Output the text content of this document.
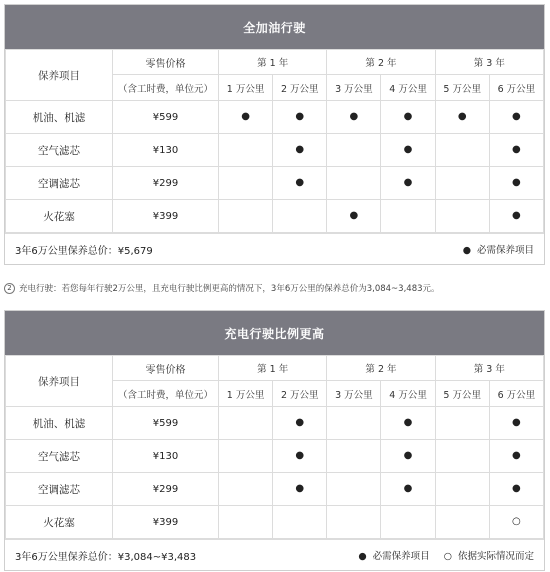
全加油行驶
保养项目	零售价格	第 1 年		第 2 年		第 3 年	
	（含工时费，单位元）	1 万公里	2 万公里	3 万公里	4 万公里	5 万公里	6 万公里
机油、机滤	¥599	●	●	●	●	●	●
空气滤芯	¥130		●		●		●
空调滤芯	¥299		●		●		●
火花塞	¥399			●			●
3年6万公里保养总价：¥5,679	● 必需保养项目
2 充电行驶：若您每年行驶2万公里，且充电行驶比例更高的情况下，3年6万公里的保养总价为3,084~3,483元。
充电行驶比例更高
保养项目	零售价格	第 1 年		第 2 年		第 3 年	
	（含工时费，单位元）	1 万公里	2 万公里	3 万公里	4 万公里	5 万公里	6 万公里
机油、机滤	¥599		●		●		●
空气滤芯	¥130		●		●		●
空调滤芯	¥299		●		●		●
火花塞	¥399						○
3年6万公里保养总价：¥3,084~¥3,483	● 必需保养项目 ○ 依据实际情况而定
